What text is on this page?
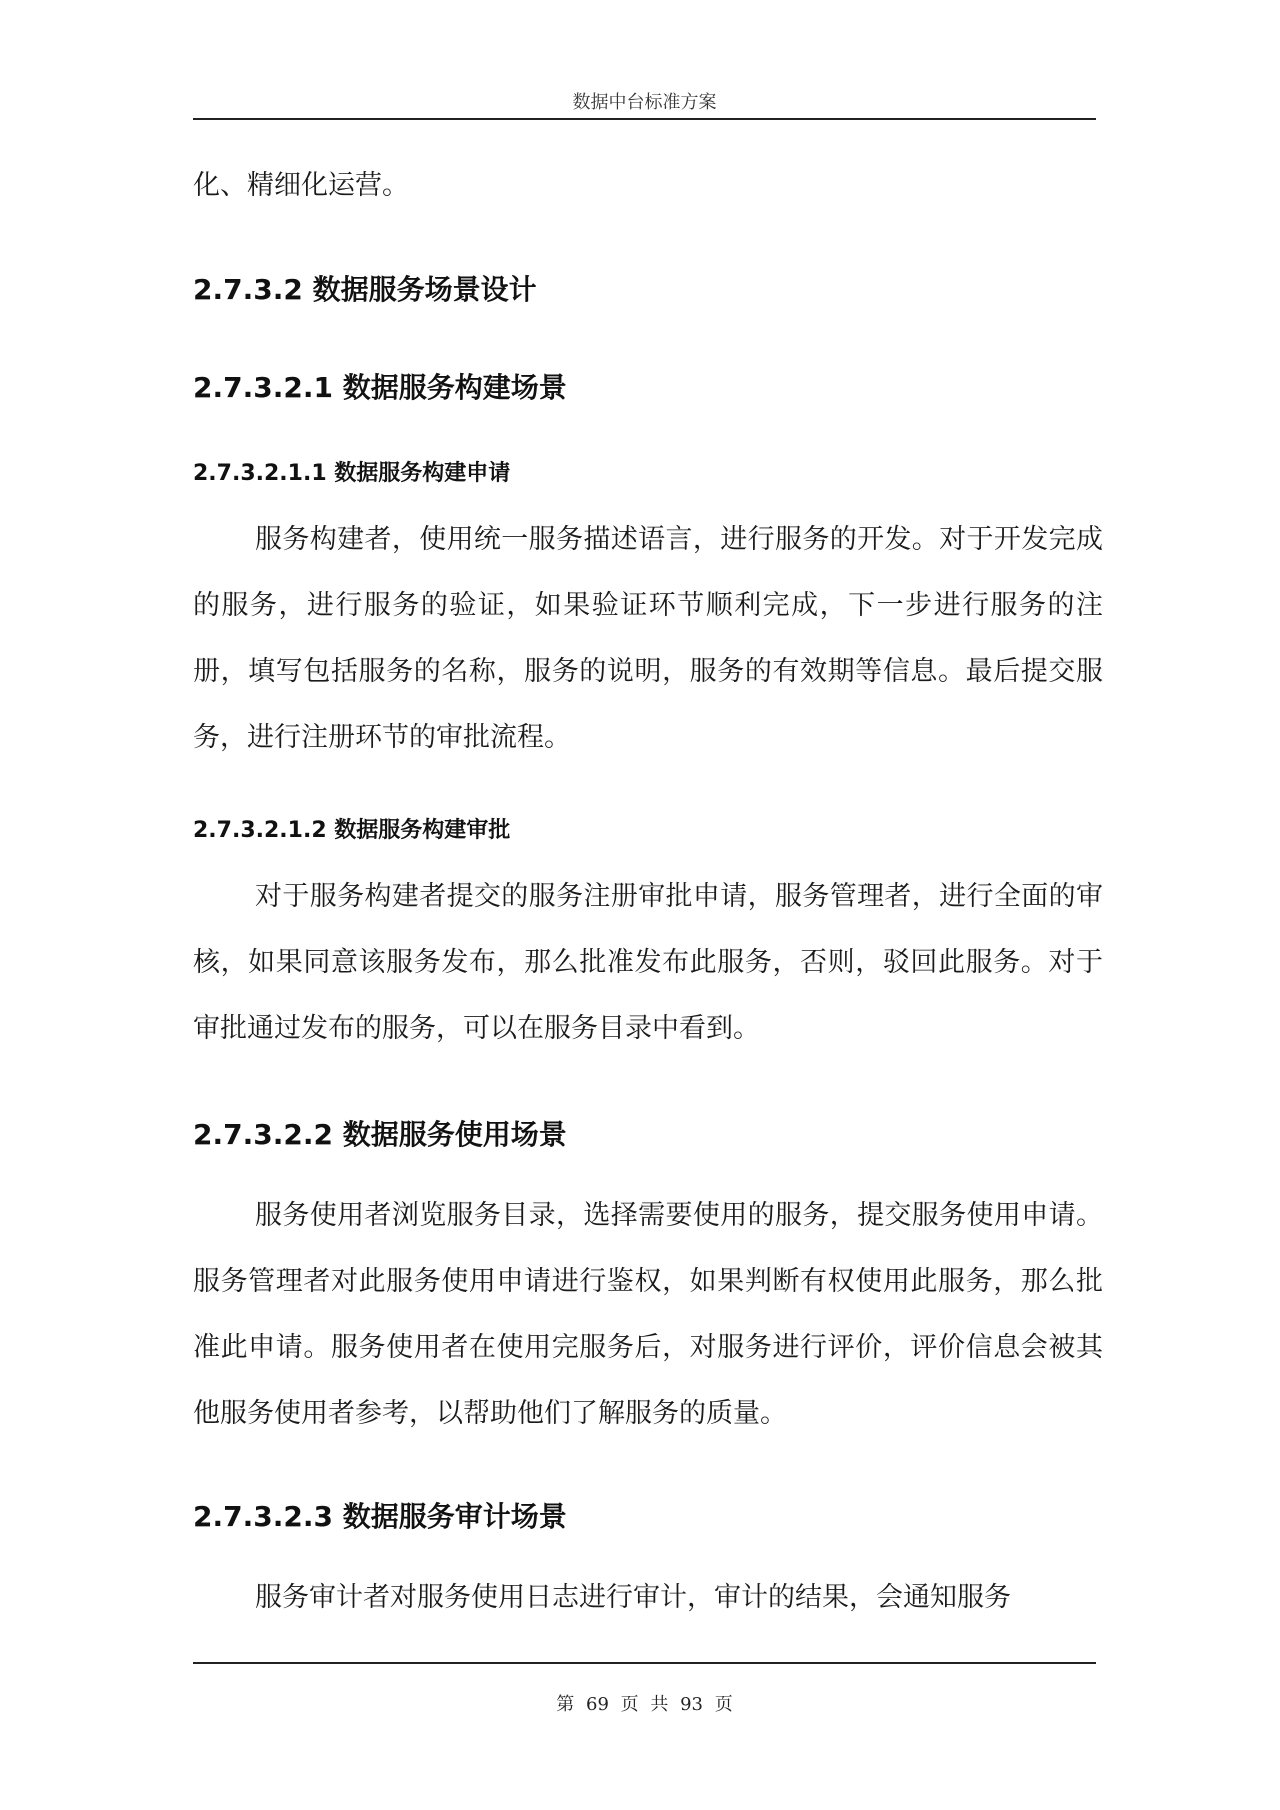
数据中台标准方案

化、精细化运营。

2.7.3.2 数据服务场景设计
2.7.3.2.1 数据服务构建场景
2.7.3.2.1.1 数据服务构建申请

服务构建者，使用统一服务描述语言，进行服务的开发。对于开发完成的服务，进行服务的验证，如果验证环节顺利完成，下一步进行服务的注册，填写包括服务的名称，服务的说明，服务的有效期等信息。最后提交服务，进行注册环节的审批流程。

2.7.3.2.1.2 数据服务构建审批

对于服务构建者提交的服务注册审批申请，服务管理者，进行全面的审核，如果同意该服务发布，那么批准发布此服务，否则，驳回此服务。对于审批通过发布的服务，可以在服务目录中看到。

2.7.3.2.2 数据服务使用场景

服务使用者浏览服务目录，选择需要使用的服务，提交服务使用申请。服务管理者对此服务使用申请进行鉴权，如果判断有权使用此服务，那么批准此申请。服务使用者在使用完服务后，对服务进行评价，评价信息会被其他服务使用者参考，以帮助他们了解服务的质量。

2.7.3.2.3 数据服务审计场景

服务审计者对服务使用日志进行审计，审计的结果，会通知服务

第 69 页 共 93 页
